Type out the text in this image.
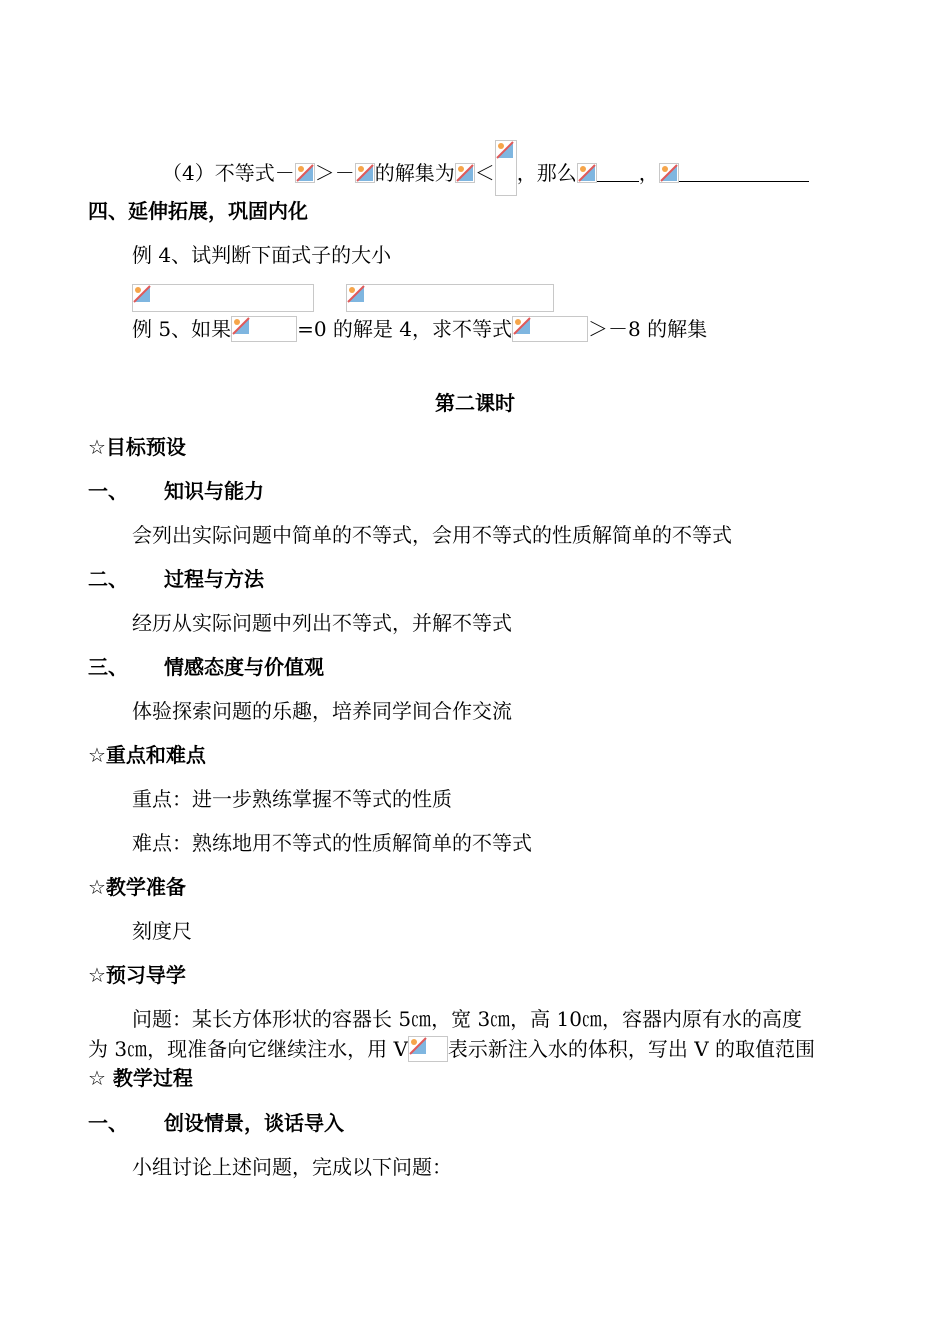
（4）不等式－ ＞－ 的解集为 ＜ ，那么	，
四、延伸拓展，巩固内化
例 4、试判断下面式子的大小
例 5、如果	=0 的解是 4，求不等式	＞－8 的解集
第二课时
☆目标预设
一、 知识与能力
会列出实际问题中简单的不等式，会用不等式的性质解简单的不等式
二、 过程与方法
经历从实际问题中列出不等式，并解不等式
三、 情感态度与价值观
体验探索问题的乐趣，培养同学间合作交流
☆重点和难点
重点：进一步熟练掌握不等式的性质
难点：熟练地用不等式的性质解简单的不等式
☆教学准备
刻度尺
☆预习导学
问题：某长方体形状的容器长 5㎝，宽 3㎝，高 10㎝，容器内原有水的高度
为 3㎝，现准备向它继续注水，用 V 表示新注入水的体积，写出 V 的取值范围
☆ 教学过程
一、 创设情景，谈话导入
小组讨论上述问题，完成以下问题：
